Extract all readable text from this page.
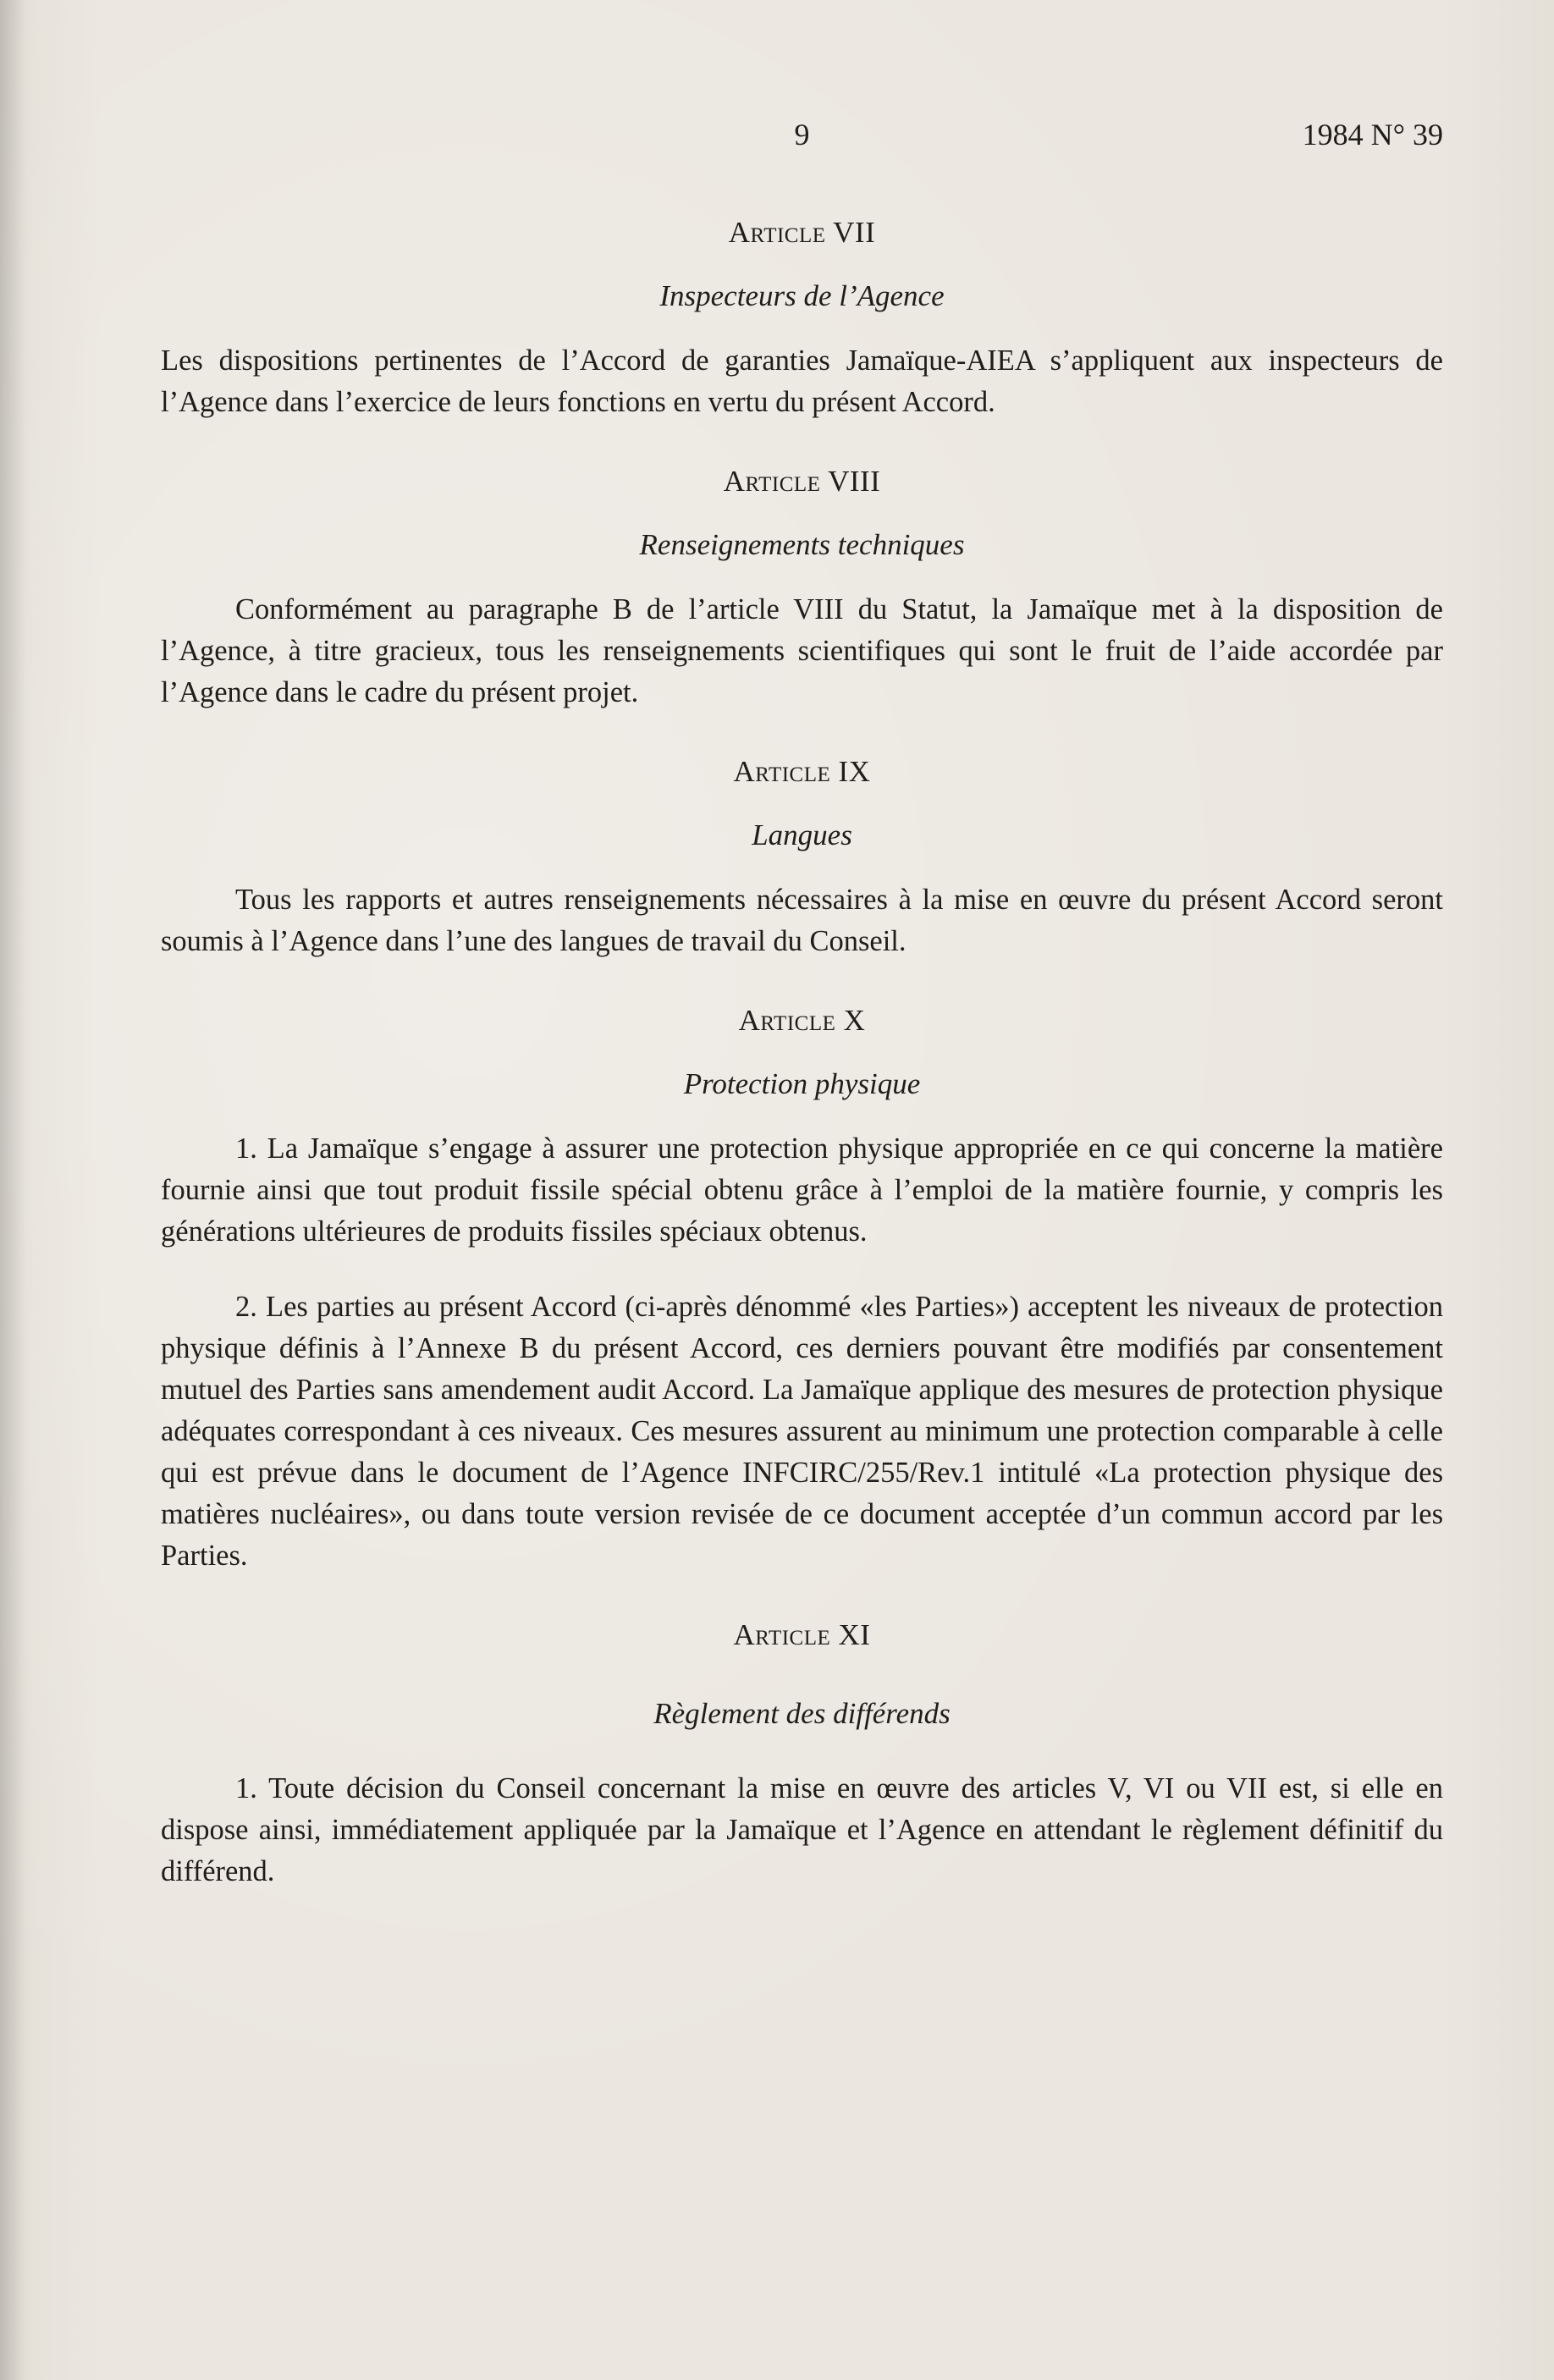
9	1984 N° 39

Article VII

Inspecteurs de l’Agence

Les dispositions pertinentes de l’Accord de garanties Jamaïque-AIEA s’appliquent aux inspecteurs de l’Agence dans l’exercice de leurs fonctions en vertu du présent Accord.

Article VIII

Renseignements techniques

Conformément au paragraphe B de l’article VIII du Statut, la Jamaïque met à la disposition de l’Agence, à titre gracieux, tous les renseignements scientifiques qui sont le fruit de l’aide accordée par l’Agence dans le cadre du présent projet.

Article IX

Langues

Tous les rapports et autres renseignements nécessaires à la mise en œuvre du présent Accord seront soumis à l’Agence dans l’une des langues de travail du Conseil.

Article X

Protection physique

1. La Jamaïque s’engage à assurer une protection physique appropriée en ce qui concerne la matière fournie ainsi que tout produit fissile spécial obtenu grâce à l’emploi de la matière fournie, y compris les générations ultérieures de produits fissiles spéciaux obtenus.

2. Les parties au présent Accord (ci-après dénommé «les Parties») acceptent les niveaux de protection physique définis à l’Annexe B du présent Accord, ces derniers pouvant être modifiés par consentement mutuel des Parties sans amendement audit Accord. La Jamaïque applique des mesures de protection physique adéquates correspondant à ces niveaux. Ces mesures assurent au minimum une protection comparable à celle qui est prévue dans le document de l’Agence INFCIRC/255/Rev.1 intitulé «La protection physique des matières nucléaires», ou dans toute version revisée de ce document acceptée d’un commun accord par les Parties.

Article XI

Règlement des différends

1. Toute décision du Conseil concernant la mise en œuvre des articles V, VI ou VII est, si elle en dispose ainsi, immédiatement appliquée par la Jamaïque et l’Agence en attendant le règlement définitif du différend.
